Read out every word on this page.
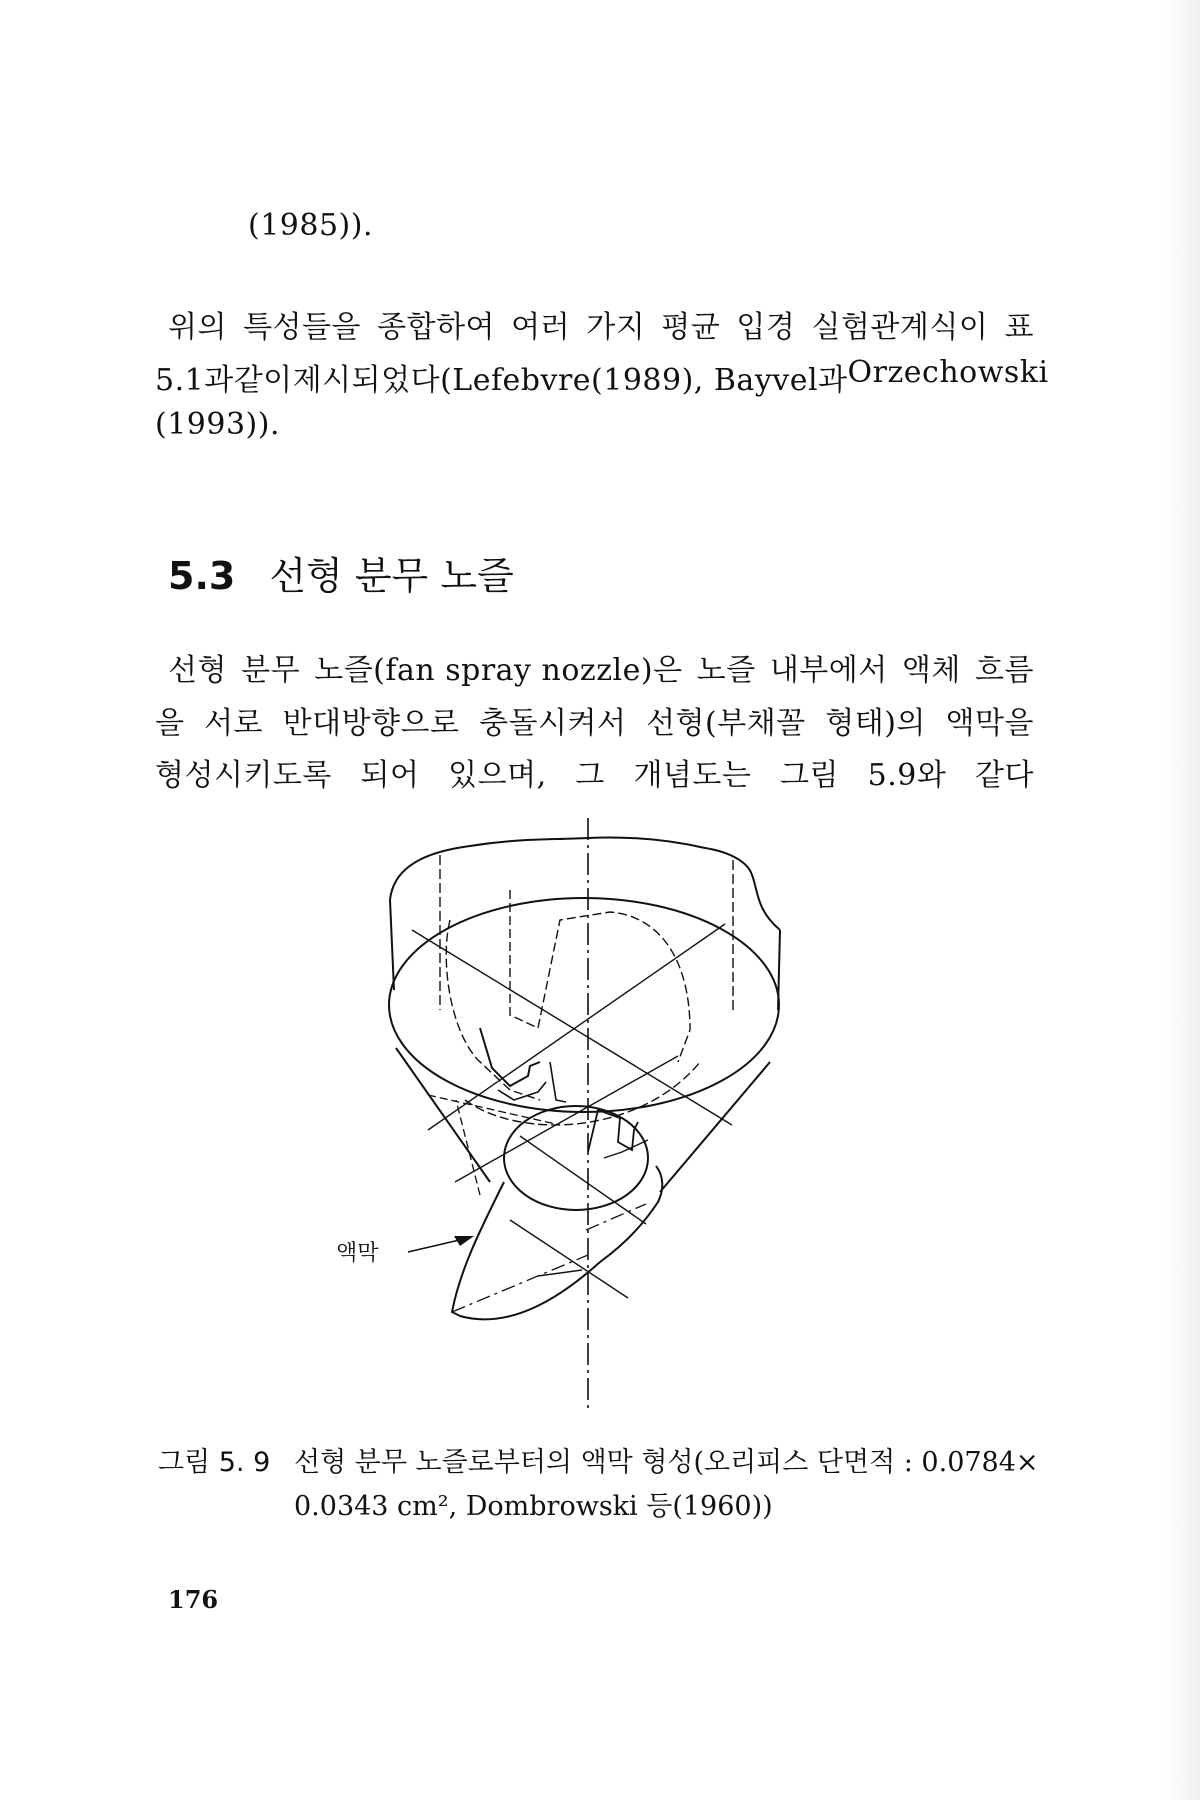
(1985)).
위의 특성들을 종합하여 여러 가지 평균 입경 실험관계식이 표
5.1과 같이 제시되었다(Lefebvre(1989), Bayvel과 Orzechowski
(1993)).
5.3 선형 분무 노즐
선형 분무 노즐(fan spray nozzle)은 노즐 내부에서 액체 흐름
을 서로 반대방향으로 충돌시켜서 선형(부채꼴 형태)의 액막을
형성시키도록 되어 있으며, 그 개념도는 그림 5.9와 같다
액막
그림 5. 9 선형 분무 노즐로부터의 액막 형성(오리피스 단면적 : 0.0784×
0.0343 cm², Dombrowski 등(1960))
176
